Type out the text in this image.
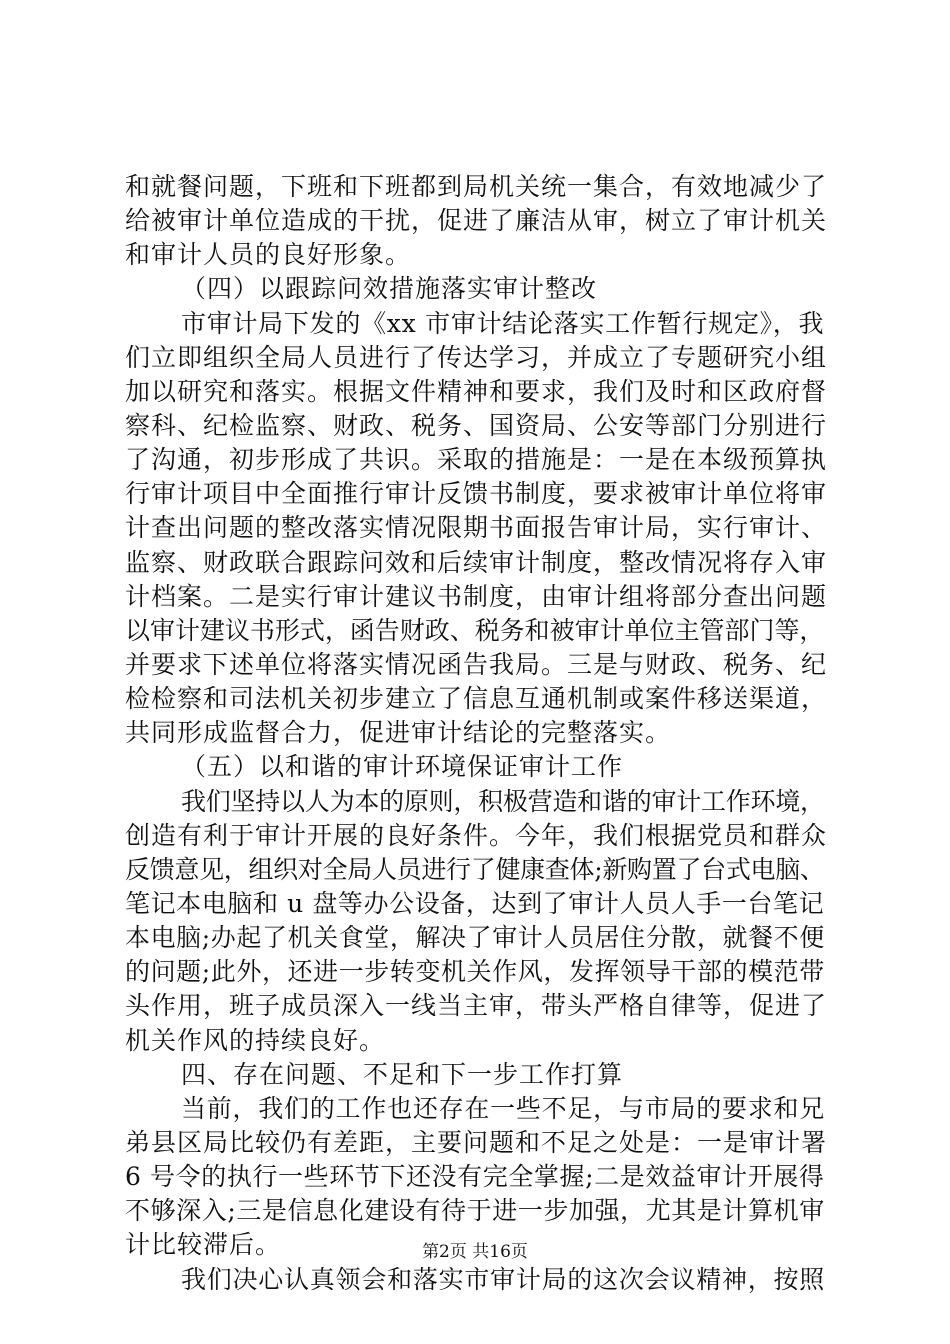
和就餐问题，下班和下班都到局机关统一集合，有效地减少了
给被审计单位造成的干扰，促进了廉洁从审，树立了审计机关
和审计人员的良好形象。
（四）以跟踪问效措施落实审计整改
市审计局下发的《xx 市审计结论落实工作暂行规定》，我
们立即组织全局人员进行了传达学习，并成立了专题研究小组
加以研究和落实。根据文件精神和要求，我们及时和区政府督
察科、纪检监察、财政、税务、国资局、公安等部门分别进行
了沟通，初步形成了共识。采取的措施是：一是在本级预算执
行审计项目中全面推行审计反馈书制度，要求被审计单位将审
计查出问题的整改落实情况限期书面报告审计局，实行审计、
监察、财政联合跟踪问效和后续审计制度，整改情况将存入审
计档案。二是实行审计建议书制度，由审计组将部分查出问题
以审计建议书形式，函告财政、税务和被审计单位主管部门等，
并要求下述单位将落实情况函告我局。三是与财政、税务、纪
检检察和司法机关初步建立了信息互通机制或案件移送渠道，
共同形成监督合力，促进审计结论的完整落实。
（五）以和谐的审计环境保证审计工作
我们坚持以人为本的原则，积极营造和谐的审计工作环境，
创造有利于审计开展的良好条件。今年，我们根据党员和群众
反馈意见，组织对全局人员进行了健康查体;新购置了台式电脑、
笔记本电脑和 u 盘等办公设备，达到了审计人员人手一台笔记
本电脑;办起了机关食堂，解决了审计人员居住分散，就餐不便
的问题;此外，还进一步转变机关作风，发挥领导干部的模范带
头作用，班子成员深入一线当主审，带头严格自律等，促进了
机关作风的持续良好。
四、存在问题、不足和下一步工作打算
当前，我们的工作也还存在一些不足，与市局的要求和兄
弟县区局比较仍有差距，主要问题和不足之处是：一是审计署
6 号令的执行一些环节下还没有完全掌握;二是效益审计开展得
不够深入;三是信息化建设有待于进一步加强，尤其是计算机审
计比较滞后。
我们决心认真领会和落实市审计局的这次会议精神，按照
第2页 共16页
